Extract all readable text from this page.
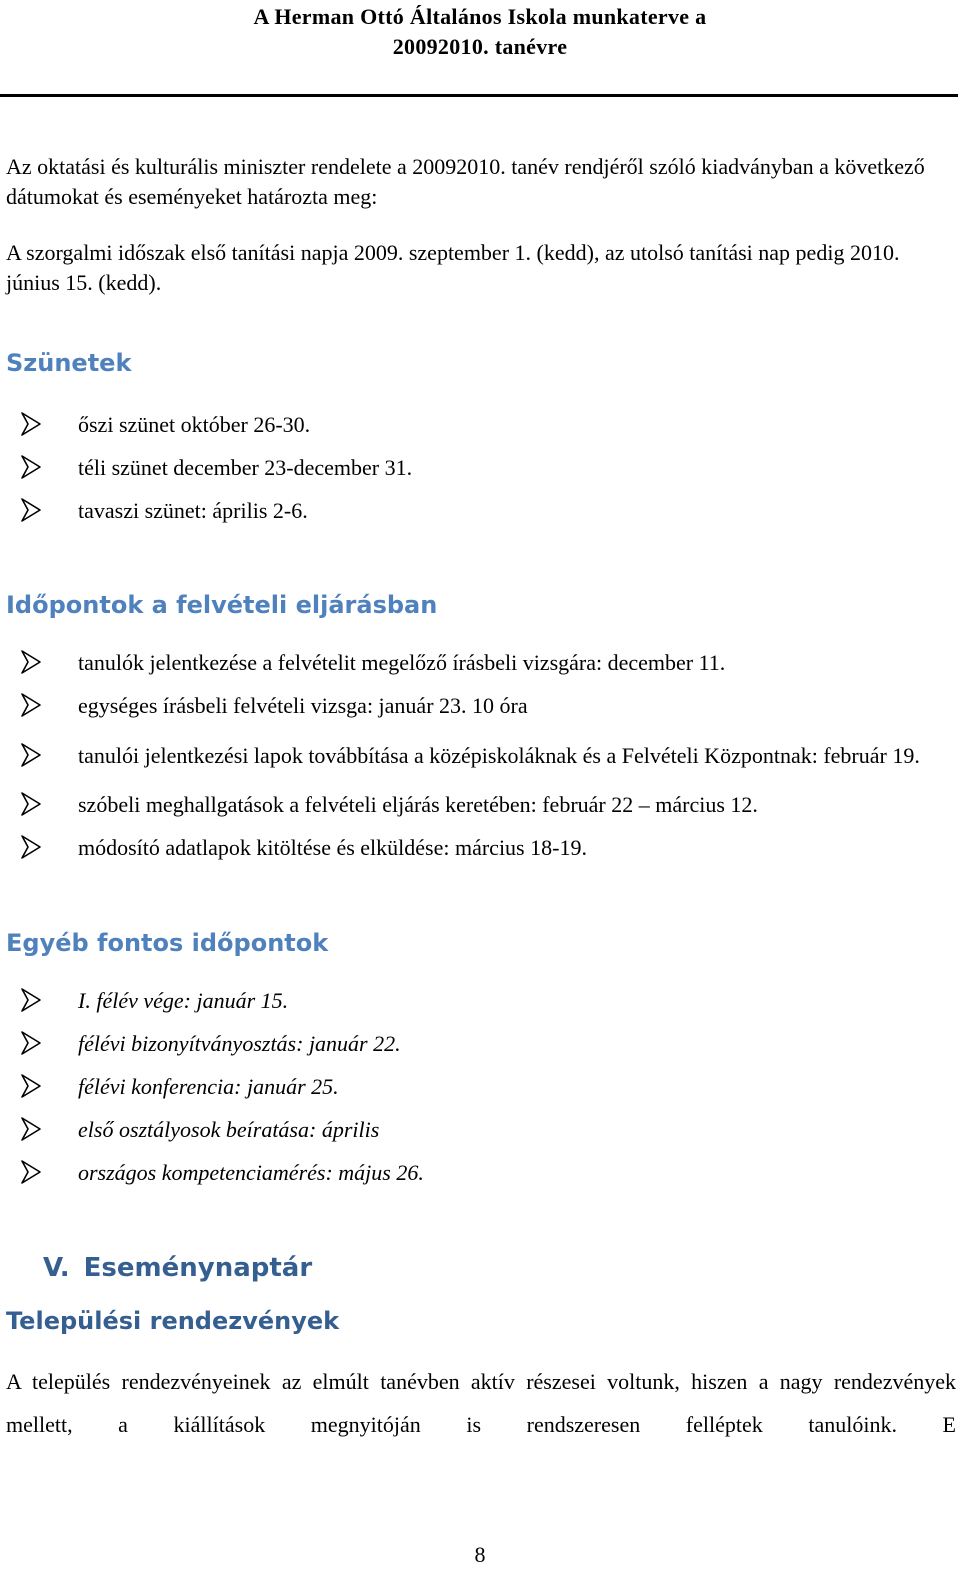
A Herman Ottó Általános Iskola munkaterve a
20092010. tanévre

Az oktatási és kulturális miniszter rendelete a 20092010. tanév rendjéről szóló kiadványban a következő dátumokat és eseményeket határozta meg:

A szorgalmi időszak első tanítási napja 2009. szeptember 1. (kedd), az utolsó tanítási nap pedig 2010. június 15. (kedd).

Szünetek
őszi szünet október 26-30.
téli szünet december 23-december 31.
tavaszi szünet: április 2-6.
Időpontok a felvételi eljárásban
tanulók jelentkezése a felvételit megelőző írásbeli vizsgára: december 11.
egységes írásbeli felvételi vizsga: január 23. 10 óra
tanulói jelentkezési lapok továbbítása a középiskoláknak és a Felvételi Központnak: február 19.
szóbeli meghallgatások a felvételi eljárás keretében: február 22 – március 12.
módosító adatlapok kitöltése és elküldése: március 18-19.
Egyéb fontos időpontok
I. félév vége: január 15.
félévi bizonyítványosztás: január 22.
félévi konferencia: január 25.
első osztályosok beíratása: április
országos kompetenciamérés: május 26.
V. Eseménynaptár
Települési rendezvények

A település rendezvényeinek az elmúlt tanévben aktív részesei voltunk, hiszen a nagy rendezvények mellett, a kiállítások megnyitóján is rendszeresen felléptek tanulóink. E

8
